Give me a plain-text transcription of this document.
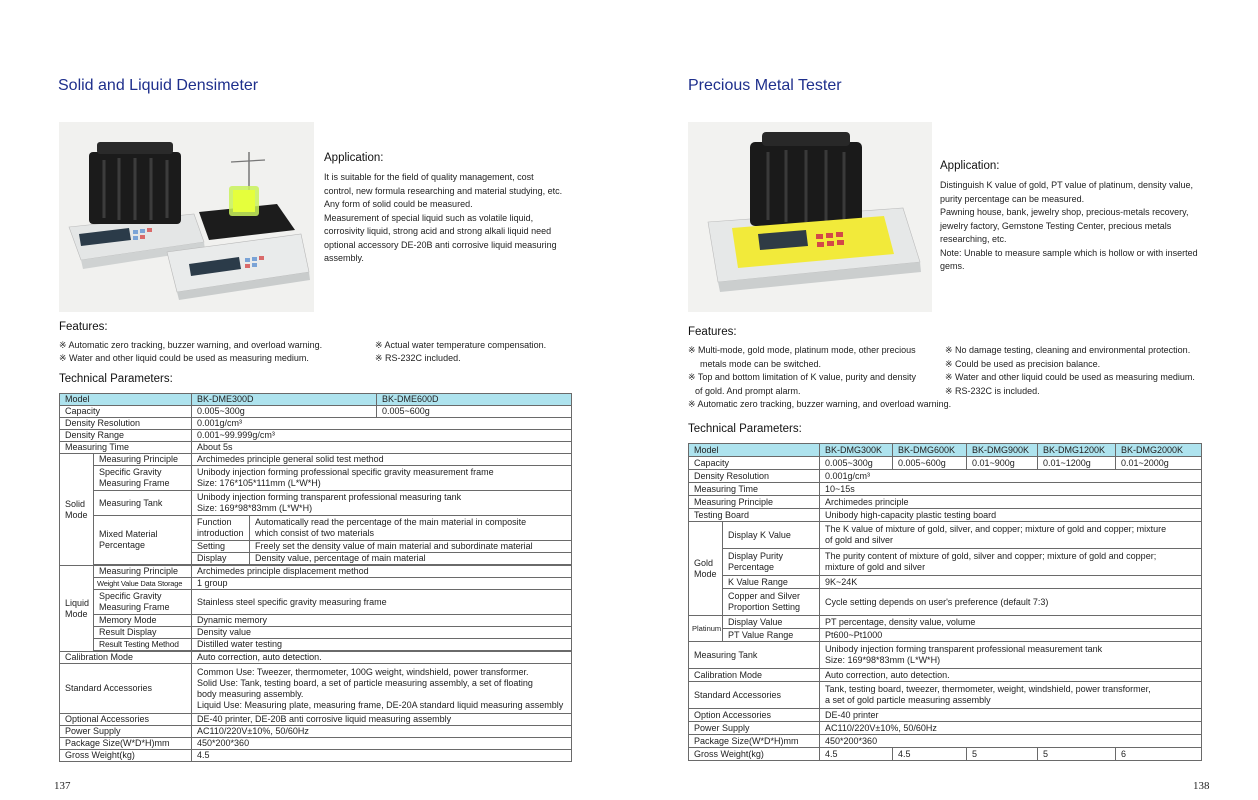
Solid and Liquid Densimeter
Application:
It is suitable for the field of quality management, cost
control, new formula researching and material studying, etc.
Any form of solid could be measured.
Measurement of special liquid such as volatile liquid,
corrosivity liquid, strong acid and strong alkali liquid need
optional accessory DE-20B anti corrosive liquid measuring
assembly.
Features:
※ Automatic zero tracking, buzzer warning, and overload warning.	※ Actual water temperature compensation.
※ Water and other liquid could be used as measuring medium.	※ RS-232C included.
Technical Parameters:
Model		BK-DME300D		BK-DME600D
Capacity		0.005~300g		0.005~600g
Density Resolution		0.001g/cm³		
Density Range		0.001~99.999g/cm³		
Measuring Time		About 5s		
Solid Mode	Measuring Principle	Archimedes principle general solid test method		
	Specific Gravity Measuring Frame	Unibody injection forming professional specific gravity measurement frame
Size: 176*105*111mm (L*W*H)		

	Measuring Tank	Unibody injection forming transparent professional measuring tank
Size: 169*98*83mm (L*W*H)		

	Mixed Material Percentage	Function introduction	Automatically read the percentage of the main material in composite
which consist of two materials	

		Setting	Freely set the density value of main material and subordinate material	
		Display	Density value, percentage of main material	

Liquid Mode	Measuring Principle	Archimedes principle displacement method		
	Weight Value Data Storage	1 group		
	Specific Gravity Measuring Frame	Stainless steel specific gravity measuring frame		
	Memory Mode	Dynamic memory		
	Result Display	Density value		
	Result Testing Method	Distilled water testing		

Calibration Mode		Auto correction, auto detection.		
Standard Accessories		Common Use: Tweezer, thermometer, 100G weight, windshield, power transformer.
Solid Use: Tank, testing board, a set of particle measuring assembly, a set of floating
body measuring assembly.
Liquid Use: Measuring plate, measuring frame, DE-20A standard liquid measuring assembly		

Optional Accessories		DE-40 printer, DE-20B anti corrosive liquid measuring assembly		
Power Supply		AC110/220V±10%, 50/60Hz		
Package Size(W*D*H)mm		450*200*360		
Gross Weight(kg)		4.5		
137
Precious Metal Tester
Application:
Distinguish K value of gold, PT value of platinum, density value,
purity percentage can be measured.
Pawning house, bank, jewelry shop, precious-metals recovery,
jewelry factory, Gemstone Testing Center, precious metals
researching, etc.
Note: Unable to measure sample which is hollow or with inserted
gems.
Features:
※ Multi-mode, gold mode, platinum mode, other precious
metals mode can be switched.
※ Top and bottom limitation of K value, purity and density
of gold. And prompt alarm.
※ Automatic zero tracking, buzzer warning, and overload warning.
※ No damage testing, cleaning and environmental protection.
※ Could be used as precision balance.
※ Water and other liquid could be used as measuring medium.
※ RS-232C is included.
Technical Parameters:
Model		BK-DMG300K	BK-DMG600K	BK-DMG900K	BK-DMG1200K	BK-DMG2000K
Capacity		0.005~300g	0.005~600g	0.01~900g	0.01~1200g	0.01~2000g
Density Resolution		0.001g/cm³				
Measuring Time		10~15s				
Measuring Principle		Archimedes principle				
Testing Board		Unibody high-capacity plastic testing board				
Gold Mode	Display K Value	The K value of mixture of gold, silver, and copper; mixture of gold and copper; mixture
of gold and silver				

	Display Purity Percentage	The purity content of mixture of gold, silver and copper; mixture of gold and copper;
mixture of gold and silver				

	K Value Range	9K~24K				
	Copper and Silver Proportion Setting	Cycle setting depends on user's preference (default 7:3)				
Platinum	Display Value	PT percentage, density value, volume				
	PT Value Range	Pt600~Pt1000				
Measuring Tank		Unibody injection forming transparent professional measurement tank
Size: 169*98*83mm (L*W*H)				

Calibration Mode		Auto correction, auto detection.				
Standard Accessories		Tank, testing board, tweezer, thermometer, weight, windshield, power transformer,
a set of gold particle measuring assembly				

Option Accessories		DE-40 printer				
Power Supply		AC110/220V±10%, 50/60Hz				
Package Size(W*D*H)mm		450*200*360				
Gross Weight(kg)		4.5	4.5	5	5	6
138
